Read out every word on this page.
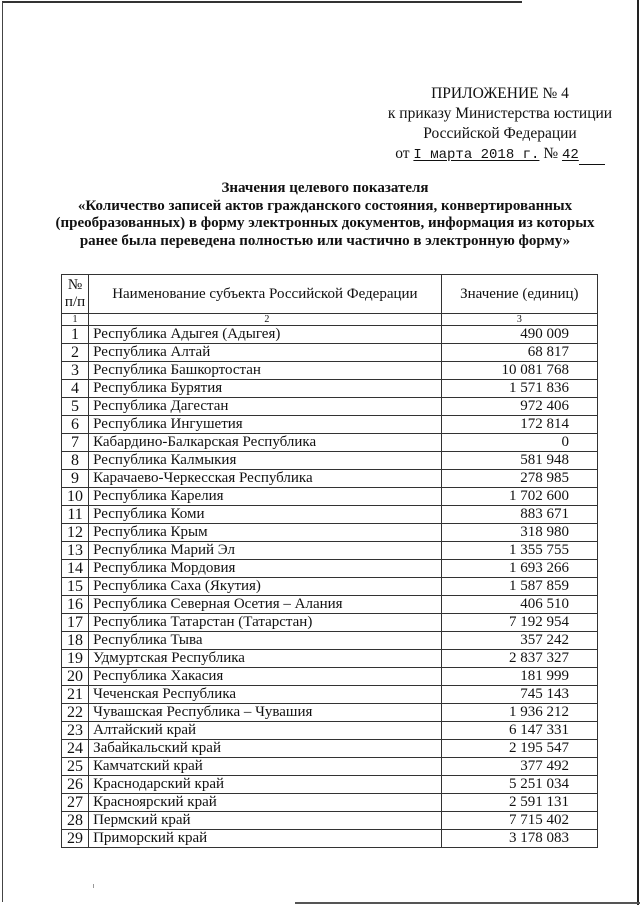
ПРИЛОЖЕНИЕ № 4
к приказу Министерства юстиции
Российской Федерации
от I марта 2018 г. № 42
Значения целевого показателя
«Количество записей актов гражданского состояния, конвертированных
(преобразованных) в форму электронных документов, информация из которых
ранее была переведена полностью или частично в электронную форму»
№ п/п	Наименование субъекта Российской Федерации	Значение (единиц)
1	2	3
1	Республика Адыгея (Адыгея)	490 009
2	Республика Алтай	68 817
3	Республика Башкортостан	10 081 768
4	Республика Бурятия	1 571 836
5	Республика Дагестан	972 406
6	Республика Ингушетия	172 814
7	Кабардино-Балкарская Республика	0
8	Республика Калмыкия	581 948
9	Карачаево-Черкесская Республика	278 985
10	Республика Карелия	1 702 600
11	Республика Коми	883 671
12	Республика Крым	318 980
13	Республика Марий Эл	1 355 755
14	Республика Мордовия	1 693 266
15	Республика Саха (Якутия)	1 587 859
16	Республика Северная Осетия – Алания	406 510
17	Республика Татарстан (Татарстан)	7 192 954
18	Республика Тыва	357 242
19	Удмуртская Республика	2 837 327
20	Республика Хакасия	181 999
21	Чеченская Республика	745 143
22	Чувашская Республика – Чувашия	1 936 212
23	Алтайский край	6 147 331
24	Забайкальский край	2 195 547
25	Камчатский край	377 492
26	Краснодарский край	5 251 034
27	Красноярский край	2 591 131
28	Пермский край	7 715 402
29	Приморский край	3 178 083
